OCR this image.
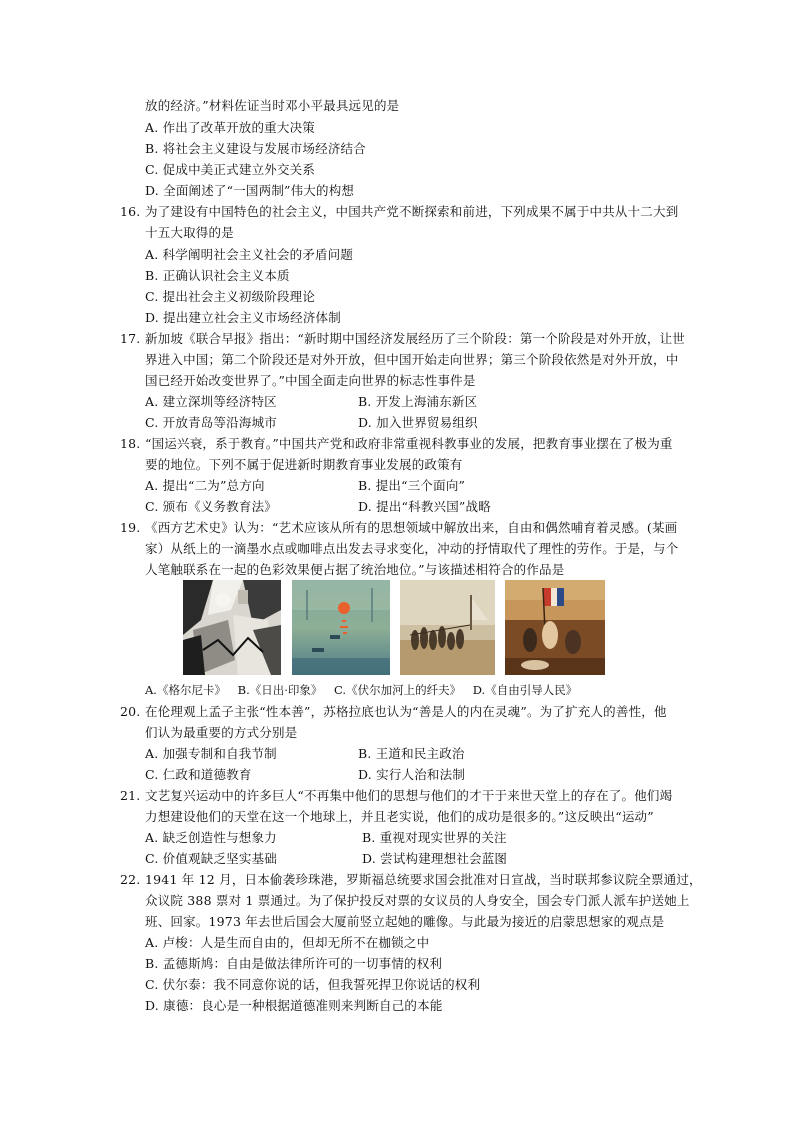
放的经济。”材料佐证当时邓小平最具远见的是
A. 作出了改革开放的重大决策
B. 将社会主义建设与发展市场经济结合
C. 促成中美正式建立外交关系
D. 全面阐述了“一国两制”伟大的构想
16. 为了建设有中国特色的社会主义，中国共产党不断探索和前进，下列成果不属于中共从十二大到
十五大取得的是
A. 科学阐明社会主义社会的矛盾问题
B. 正确认识社会主义本质
C. 提出社会主义初级阶段理论
D. 提出建立社会主义市场经济体制
17. 新加坡《联合早报》指出：“新时期中国经济发展经历了三个阶段：第一个阶段是对外开放，让世
界进入中国；第二个阶段还是对外开放，但中国开始走向世界；第三个阶段依然是对外开放，中
国已经开始改变世界了。”中国全面走向世界的标志性事件是
A. 建立深圳等经济特区	B. 开发上海浦东新区
C. 开放青岛等沿海城市	D. 加入世界贸易组织
18. “国运兴衰，系于教育。”中国共产党和政府非常重视科教事业的发展，把教育事业摆在了极为重
要的地位。下列不属于促进新时期教育事业发展的政策有
A. 提出“二为”总方向	B. 提出“三个面向”
C. 颁布《义务教育法》	D. 提出“科教兴国”战略
19. 《西方艺术史》认为：“艺术应该从所有的思想领域中解放出来，自由和偶然哺育着灵感。(某画
家）从纸上的一滴墨水点或咖啡点出发去寻求变化，冲动的抒情取代了理性的劳作。于是，与个
人笔触联系在一起的色彩效果便占据了统治地位。”与该描述相符合的作品是
A.《格尔尼卡》 B.《日出·印象》 C.《伏尔加河上的纤夫》 D.《自由引导人民》
20. 在伦理观上孟子主张“性本善”，苏格拉底也认为“善是人的内在灵魂”。为了扩充人的善性，他
们认为最重要的方式分别是
A. 加强专制和自我节制	B. 王道和民主政治
C. 仁政和道德教育	D. 实行人治和法制
21. 文艺复兴运动中的许多巨人“不再集中他们的思想与他们的才干于来世天堂上的存在了。他们竭
力想建设他们的天堂在这一个地球上，并且老实说，他们的成功是很多的。”这反映出“运动”
A. 缺乏创造性与想象力	B. 重视对现实世界的关注
C. 价值观缺乏坚实基础	D. 尝试构建理想社会蓝图
22. 1941 年 12 月，日本偷袭珍珠港，罗斯福总统要求国会批准对日宣战，当时联邦参议院全票通过，
众议院 388 票对 1 票通过。为了保护投反对票的女议员的人身安全，国会专门派人派车护送她上
班、回家。1973 年去世后国会大厦前竖立起她的雕像。与此最为接近的启蒙思想家的观点是
A. 卢梭：人是生而自由的，但却无所不在枷锁之中
B. 孟德斯鸠：自由是做法律所许可的一切事情的权利
C. 伏尔泰：我不同意你说的话，但我誓死捍卫你说话的权利
D. 康德：良心是一种根据道德准则来判断自己的本能
